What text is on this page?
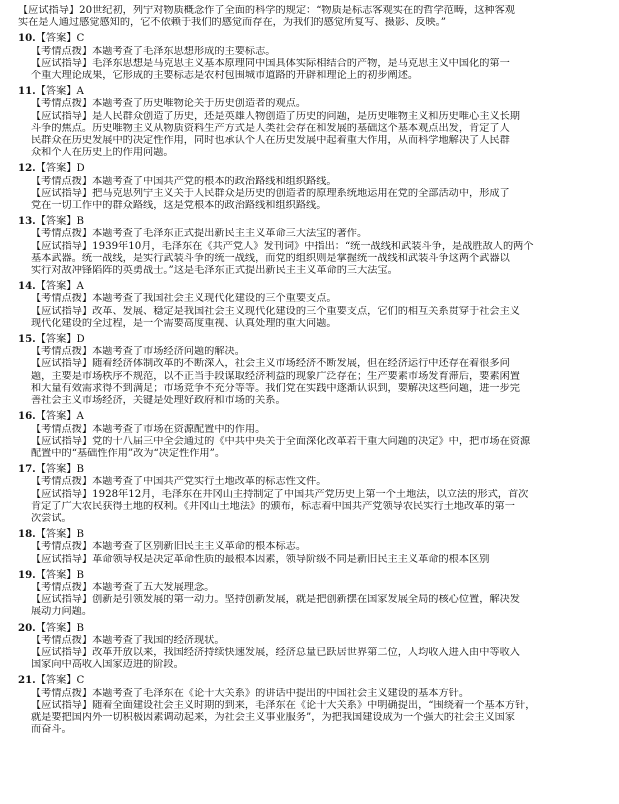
【应试指导】20世纪初，列宁对物质概念作了全面的科学的规定：“物质是标志客观实在的哲学范畴，这种客观
实在是人通过感觉感知的，它不依赖于我们的感觉而存在，为我们的感觉所复写、摄影、反映。”
10.【答案】C
【考情点拨】本题考查了毛泽东思想形成的主要标志。
【应试指导】毛泽东思想是马克思主义基本原理同中国具体实际相结合的产物，是马克思主义中国化的第一
个重大理论成果，它形成的主要标志是农村包围城市道路的开辟和理论上的初步阐述。
11.【答案】A
【考情点拨】本题考查了历史唯物论关于历史创造者的观点。
【应试指导】是人民群众创造了历史，还是英雄人物创造了历史的问题，是历史唯物主义和历史唯心主义长期
斗争的焦点。历史唯物主义从物质资料生产方式是人类社会存在和发展的基础这个基本观点出发，肯定了人
民群众在历史发展中的决定性作用，同时也承认个人在历史发展中起着重大作用，从而科学地解决了人民群
众和个人在历史上的作用问题。
12.【答案】D
【考情点拨】本题考查了中国共产党的根本的政治路线和组织路线。
【应试指导】把马克思列宁主义关于人民群众是历史的创造者的原理系统地运用在党的全部活动中，形成了
党在一切工作中的群众路线，这是党根本的政治路线和组织路线。
13.【答案】B
【考情点拨】本题考查了毛泽东正式提出新民主主义革命三大法宝的著作。
【应试指导】1939年10月，毛泽东在《共产党人》发刊词》中指出：“统一战线和武装斗争，是战胜敌人的两个
基本武器。统一战线，是实行武装斗争的统一战线，而党的组织则是掌握统一战线和武装斗争这两个武器以
实行对敌冲锋陷阵的英勇战士。”这是毛泽东正式提出新民主主义革命的三大法宝。
14.【答案】A
【考情点拨】本题考查了我国社会主义现代化建设的三个重要支点。
【应试指导】改革、发展、稳定是我国社会主义现代化建设的三个重要支点，它们的相互关系贯穿于社会主义
现代化建设的全过程，是一个需要高度重视、认真处理的重大问题。
15.【答案】D
【考情点拨】本题考查了市场经济问题的解决。
【应试指导】随着经济体制改革的不断深入，社会主义市场经济不断发展，但在经济运行中还存在着很多问
题，主要是市场秩序不规范，以不正当手段谋取经济利益的现象广泛存在；生产要素市场发育滞后，要素闲置
和大量有效需求得不到满足；市场竞争不充分等等。我们党在实践中逐渐认识到，要解决这些问题，进一步完
善社会主义市场经济，关键是处理好政府和市场的关系。
16.【答案】A
【考情点拨】本题考查了市场在资源配置中的作用。
【应试指导】党的十八届三中全会通过的《中共中央关于全面深化改革若干重大问题的决定》中，把市场在资源
配置中的“基础性作用”改为“决定性作用”。
17.【答案】B
【考情点拨】本题考查了中国共产党实行土地改革的标志性文件。
【应试指导】1928年12月，毛泽东在井冈山主持制定了中国共产党历史上第一个土地法，以立法的形式，首次
肯定了广大农民获得土地的权利。《井冈山土地法》的颁布，标志着中国共产党领导农民实行土地改革的第一
次尝试。
18.【答案】B
【考情点拨】本题考查了区别新旧民主主义革命的根本标志。
【应试指导】革命领导权是决定革命性质的最根本因素，领导阶级不同是新旧民主主义革命的根本区别
19.【答案】B
【考情点拨】本题考查了五大发展理念。
【应试指导】创新是引领发展的第一动力。坚持创新发展，就是把创新摆在国家发展全局的核心位置，解决发
展动力问题。
20.【答案】B
【考情点拨】本题考查了我国的经济现状。
【应试指导】改革开放以来，我国经济持续快速发展，经济总量已跃居世界第二位，人均收入进入由中等收入
国家向中高收入国家迈进的阶段。
21.【答案】C
【考情点拨】本题考查了毛泽东在《论十大关系》的讲话中提出的中国社会主义建设的基本方针。
【应试指导】随着全面建设社会主义时期的到来，毛泽东在《论十大关系》中明确提出，“围绕着一个基本方针，
就是要把国内外一切积极因素调动起来，为社会主义事业服务”，为把我国建设成为一个强大的社会主义国家
而奋斗。
